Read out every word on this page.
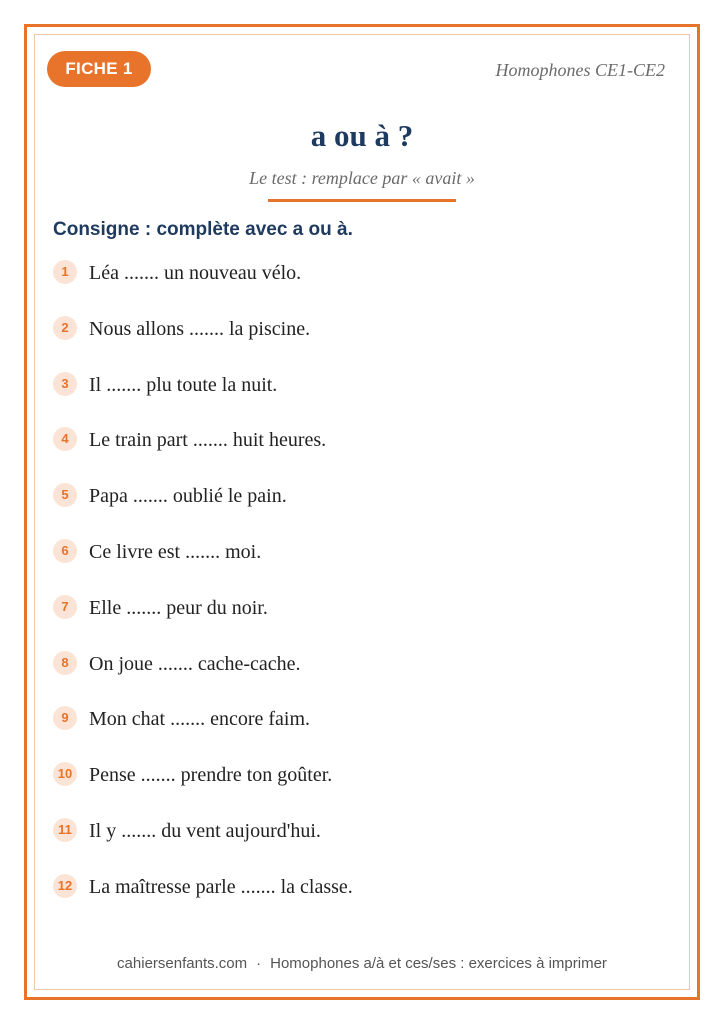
FICHE 1	Homophones CE1-CE2
a ou à ?
Le test : remplace par « avait »
Consigne : complète avec a ou à.
1	Léa ....... un nouveau vélo.
2	Nous allons ....... la piscine.
3	Il ....... plu toute la nuit.
4	Le train part ....... huit heures.
5	Papa ....... oublié le pain.
6	Ce livre est ....... moi.
7	Elle ....... peur du noir.
8	On joue ....... cache-cache.
9	Mon chat ....... encore faim.
10 Pense ....... prendre ton goûter.
11 Il y ....... du vent aujourd'hui.
12 La maîtresse parle ....... la classe.
cahiersenfants.com · Homophones a/à et ces/ses : exercices à imprimer
